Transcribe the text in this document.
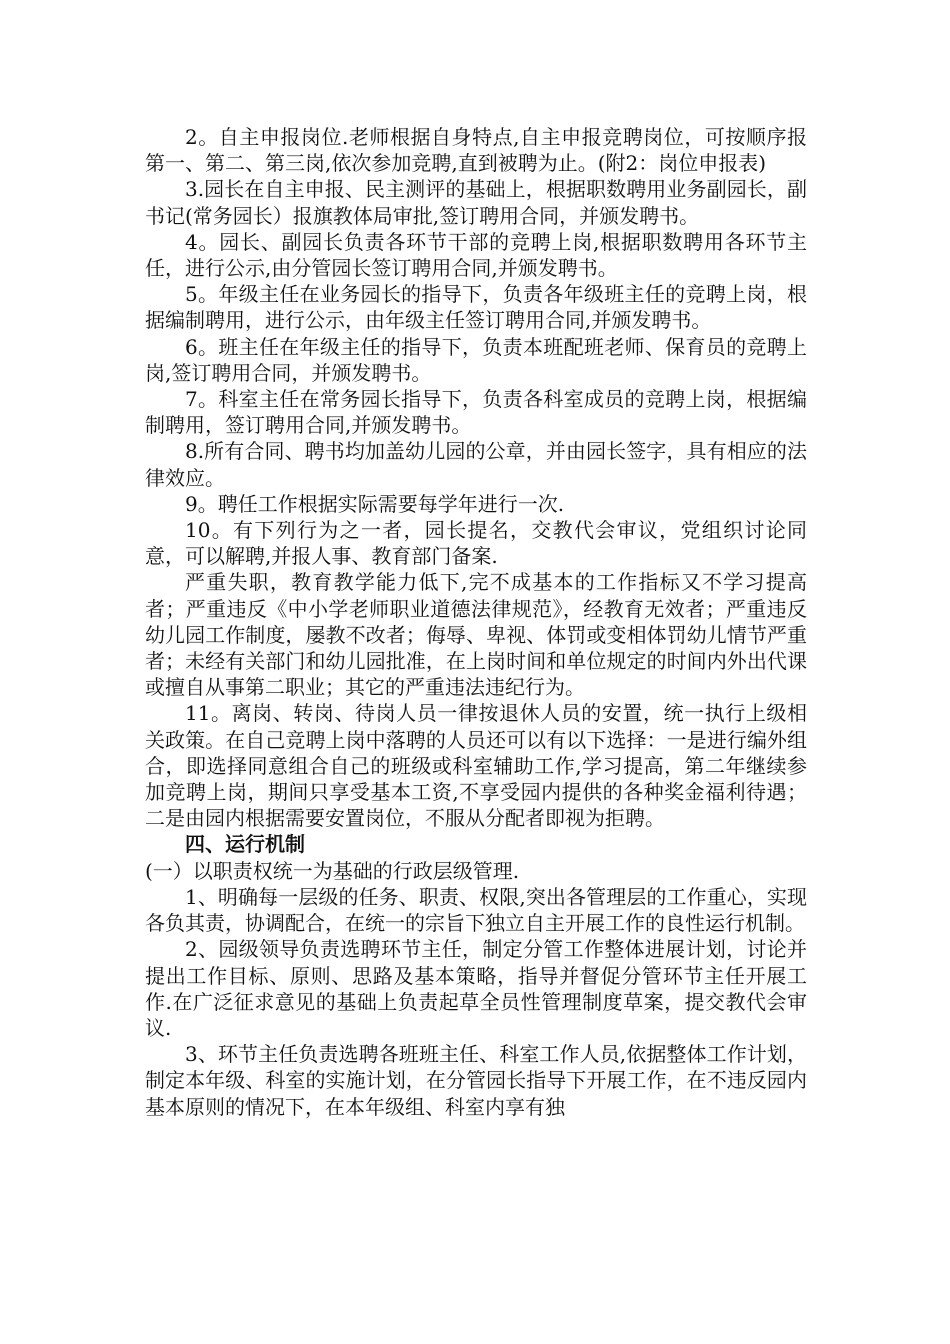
2。自主申报岗位.老师根据自身特点,自主申报竞聘岗位，可按顺序报第一、第二、第三岗,依次参加竞聘,直到被聘为止。(附2：岗位申报表)

3.园长在自主申报、民主测评的基础上，根据职数聘用业务副园长，副书记(常务园长）报旗教体局审批,签订聘用合同，并颁发聘书。

4。园长、副园长负责各环节干部的竞聘上岗,根据职数聘用各环节主任，进行公示,由分管园长签订聘用合同,并颁发聘书。

5。年级主任在业务园长的指导下，负责各年级班主任的竞聘上岗，根据编制聘用，进行公示，由年级主任签订聘用合同,并颁发聘书。

6。班主任在年级主任的指导下，负责本班配班老师、保育员的竞聘上岗,签订聘用合同，并颁发聘书。

7。科室主任在常务园长指导下，负责各科室成员的竞聘上岗，根据编制聘用，签订聘用合同,并颁发聘书。

8.所有合同、聘书均加盖幼儿园的公章，并由园长签字，具有相应的法律效应。

9。聘任工作根据实际需要每学年进行一次.

10。有下列行为之一者，园长提名，交教代会审议，党组织讨论同意，可以解聘,并报人事、教育部门备案.

严重失职，教育教学能力低下,完不成基本的工作指标又不学习提高者；严重违反《中小学老师职业道德法律规范》，经教育无效者；严重违反幼儿园工作制度，屡教不改者；侮辱、卑视、体罚或变相体罚幼儿情节严重者；未经有关部门和幼儿园批准，在上岗时间和单位规定的时间内外出代课或擅自从事第二职业；其它的严重违法违纪行为。

11。离岗、转岗、待岗人员一律按退休人员的安置，统一执行上级相关政策。在自己竞聘上岗中落聘的人员还可以有以下选择：一是进行编外组合，即选择同意组合自己的班级或科室辅助工作,学习提高，第二年继续参加竞聘上岗，期间只享受基本工资,不享受园内提供的各种奖金福利待遇；二是由园内根据需要安置岗位，不服从分配者即视为拒聘。

四、运行机制

(一）以职责权统一为基础的行政层级管理.

1、明确每一层级的任务、职责、权限,突出各管理层的工作重心，实现各负其责，协调配合，在统一的宗旨下独立自主开展工作的良性运行机制。

2、园级领导负责选聘环节主任，制定分管工作整体进展计划，讨论并提出工作目标、原则、思路及基本策略，指导并督促分管环节主任开展工作.在广泛征求意见的基础上负责起草全员性管理制度草案，提交教代会审议.

3、环节主任负责选聘各班班主任、科室工作人员,依据整体工作计划，制定本年级、科室的实施计划，在分管园长指导下开展工作，在不违反园内基本原则的情况下，在本年级组、科室内享有独
